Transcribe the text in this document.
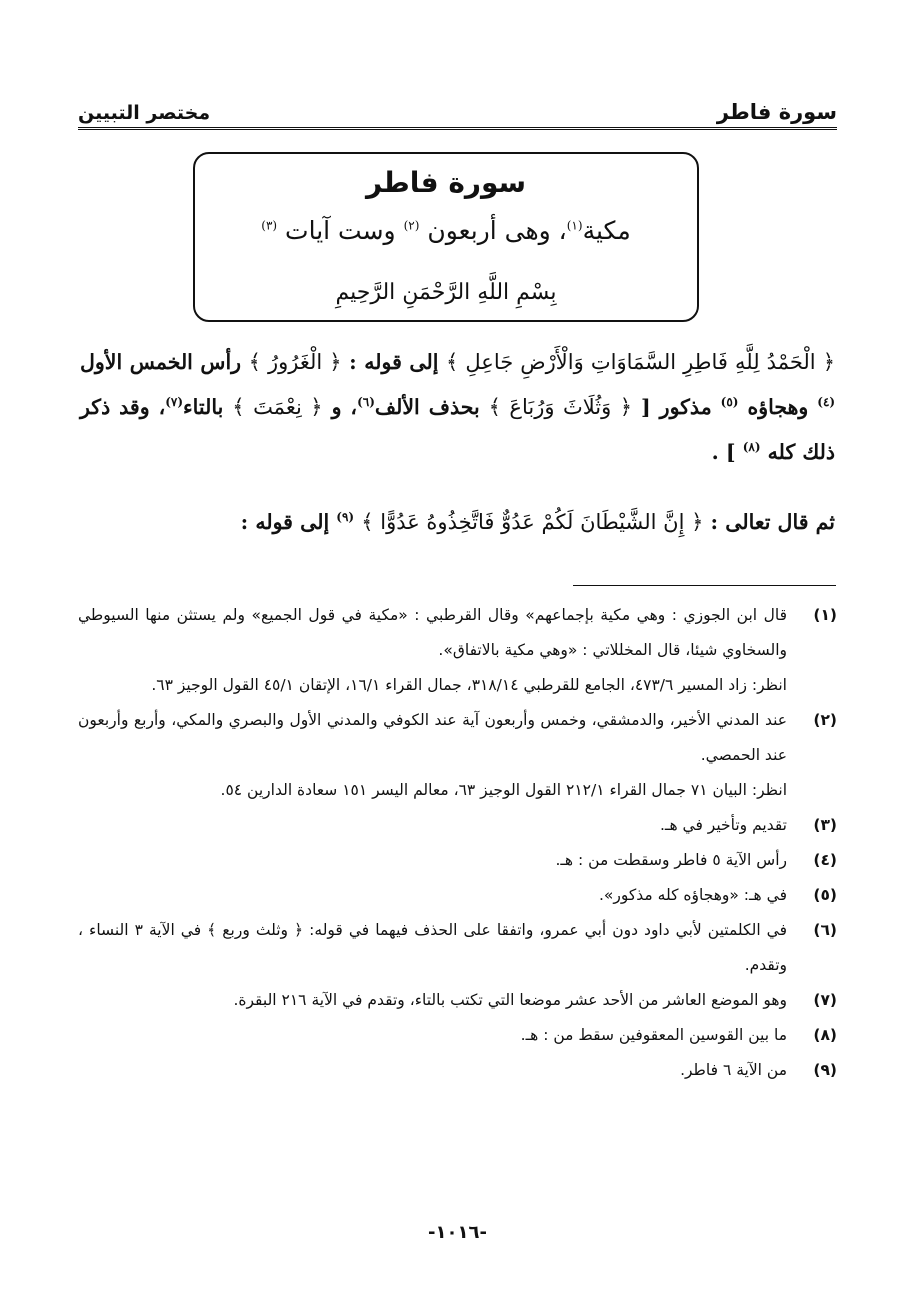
سورة فاطر
مختصر التبيين
سورة فاطر
مكية$^{(١)}$، وهى أربعون $^{(٢)}$ وست آيات $^{(٣)}$
بِسْمِ اللَّهِ الرَّحْمَنِ الرَّحِيمِ
﴿ الْحَمْدُ لِلَّهِ فَاطِرِ السَّمَاوَاتِ وَالْأَرْضِ جَاعِلِ ﴾ إلى قوله : ﴿ الْغَرُورُ ﴾ رأس الخمس الأول $^{(٤)}$ وهجاؤه $^{(٥)}$ مذكور [ ﴿ وَثُلَاثَ وَرُبَاعَ ﴾ بحذف الألف$^{(٦)}$، و ﴿ نِعْمَتَ ﴾ بالتاء$^{(٧)}$، وقد ذكر ذلك كله $^{(٨)}$ ] .
ثم قال تعالى : ﴿ إِنَّ الشَّيْطَانَ لَكُمْ عَدُوٌّ فَاتَّخِذُوهُ عَدُوًّا ﴾ $^{(٩)}$ إلى قوله :
(١)

قال ابن الجوزي : وهي مكية بإجماعهم» وقال القرطبي : «مكية في قول الجميع» ولم يستثن منها السيوطي والسخاوي شيئا، قال المخللاتي : «وهي مكية بالاتفاق».

انظر: زاد المسير ٤٧٣/٦، الجامع للقرطبي ٣١٨/١٤، جمال القراء ١٦/١، الإتقان ٤٥/١ القول الوجيز ٦٣.

(٢)

عند المدني الأخير، والدمشقي، وخمس وأربعون آية عند الكوفي والمدني الأول والبصري والمكي، وأربع وأربعون عند الحمصي.

انظر: البيان ٧١ جمال القراء ٢١٢/١ القول الوجيز ٦٣، معالم اليسر ١٥١ سعادة الدارين ٥٤.

(٣)

تقديم وتأخير في هـ.

(٤)

رأس الآية ٥ فاطر وسقطت من : هـ.

(٥)

في هـ: «وهجاؤه كله مذكور».

(٦)

في الكلمتين لأبي داود دون أبي عمرو، واتفقا على الحذف فيهما في قوله: ﴿ وثلث وربع ﴾ في الآية ٣ النساء ، وتقدم.

(٧)

وهو الموضع العاشر من الأحد عشر موضعا التي تكتب بالتاء، وتقدم في الآية ٢١٦ البقرة.

(٨)

ما بين القوسين المعقوفين سقط من : هـ.

(٩)

من الآية ٦ فاطر.

-١٠١٦-
